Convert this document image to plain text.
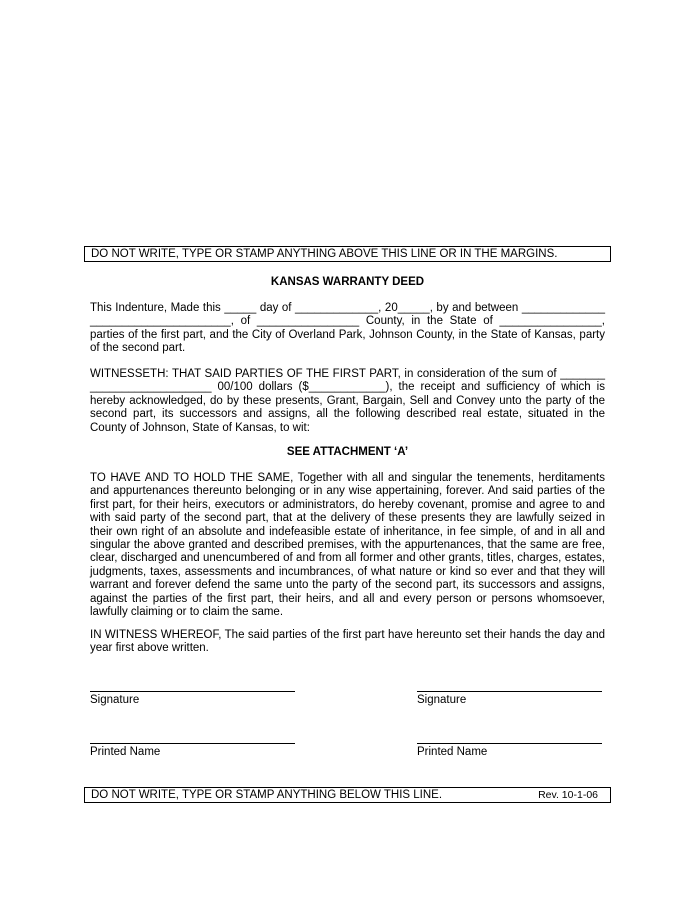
DO NOT WRITE, TYPE OR STAMP ANYTHING ABOVE THIS LINE OR IN THE MARGINS.
KANSAS WARRANTY DEED

This Indenture, Made this _____ day of _____________, 20_____, by and between _____________ ______________________, of ________________ County, in the State of ________________, parties of the first part, and the City of Overland Park, Johnson County, in the State of Kansas, party of the second part.

WITNESSETH: THAT SAID PARTIES OF THE FIRST PART, in consideration of the sum of _______ ___________________ 00/100 dollars ($____________), the receipt and sufficiency of which is hereby acknowledged, do by these presents, Grant, Bargain, Sell and Convey unto the party of the second part, its successors and assigns, all the following described real estate, situated in the County of Johnson, State of Kansas, to wit:

SEE ATTACHMENT ‘A’

TO HAVE AND TO HOLD THE SAME, Together with all and singular the tenements, herditaments and appurtenances thereunto belonging or in any wise appertaining, forever. And said parties of the first part, for their heirs, executors or administrators, do hereby covenant, promise and agree to and with said party of the second part, that at the delivery of these presents they are lawfully seized in their own right of an absolute and indefeasible estate of inheritance, in fee simple, of and in all and singular the above granted and described premises, with the appurtenances, that the same are free, clear, discharged and unencumbered of and from all former and other grants, titles, charges, estates, judgments, taxes, assessments and incumbrances, of what nature or kind so ever and that they will warrant and forever defend the same unto the party of the second part, its successors and assigns, against the parties of the first part, their heirs, and all and every person or persons whomsoever, lawfully claiming or to claim the same.

IN WITNESS WHEREOF, The said parties of the first part have hereunto set their hands the day and year first above written.

Signature	Signature
Printed Name	Printed Name
DO NOT WRITE, TYPE OR STAMP ANYTHING BELOW THIS LINE.	Rev. 10-1-06
